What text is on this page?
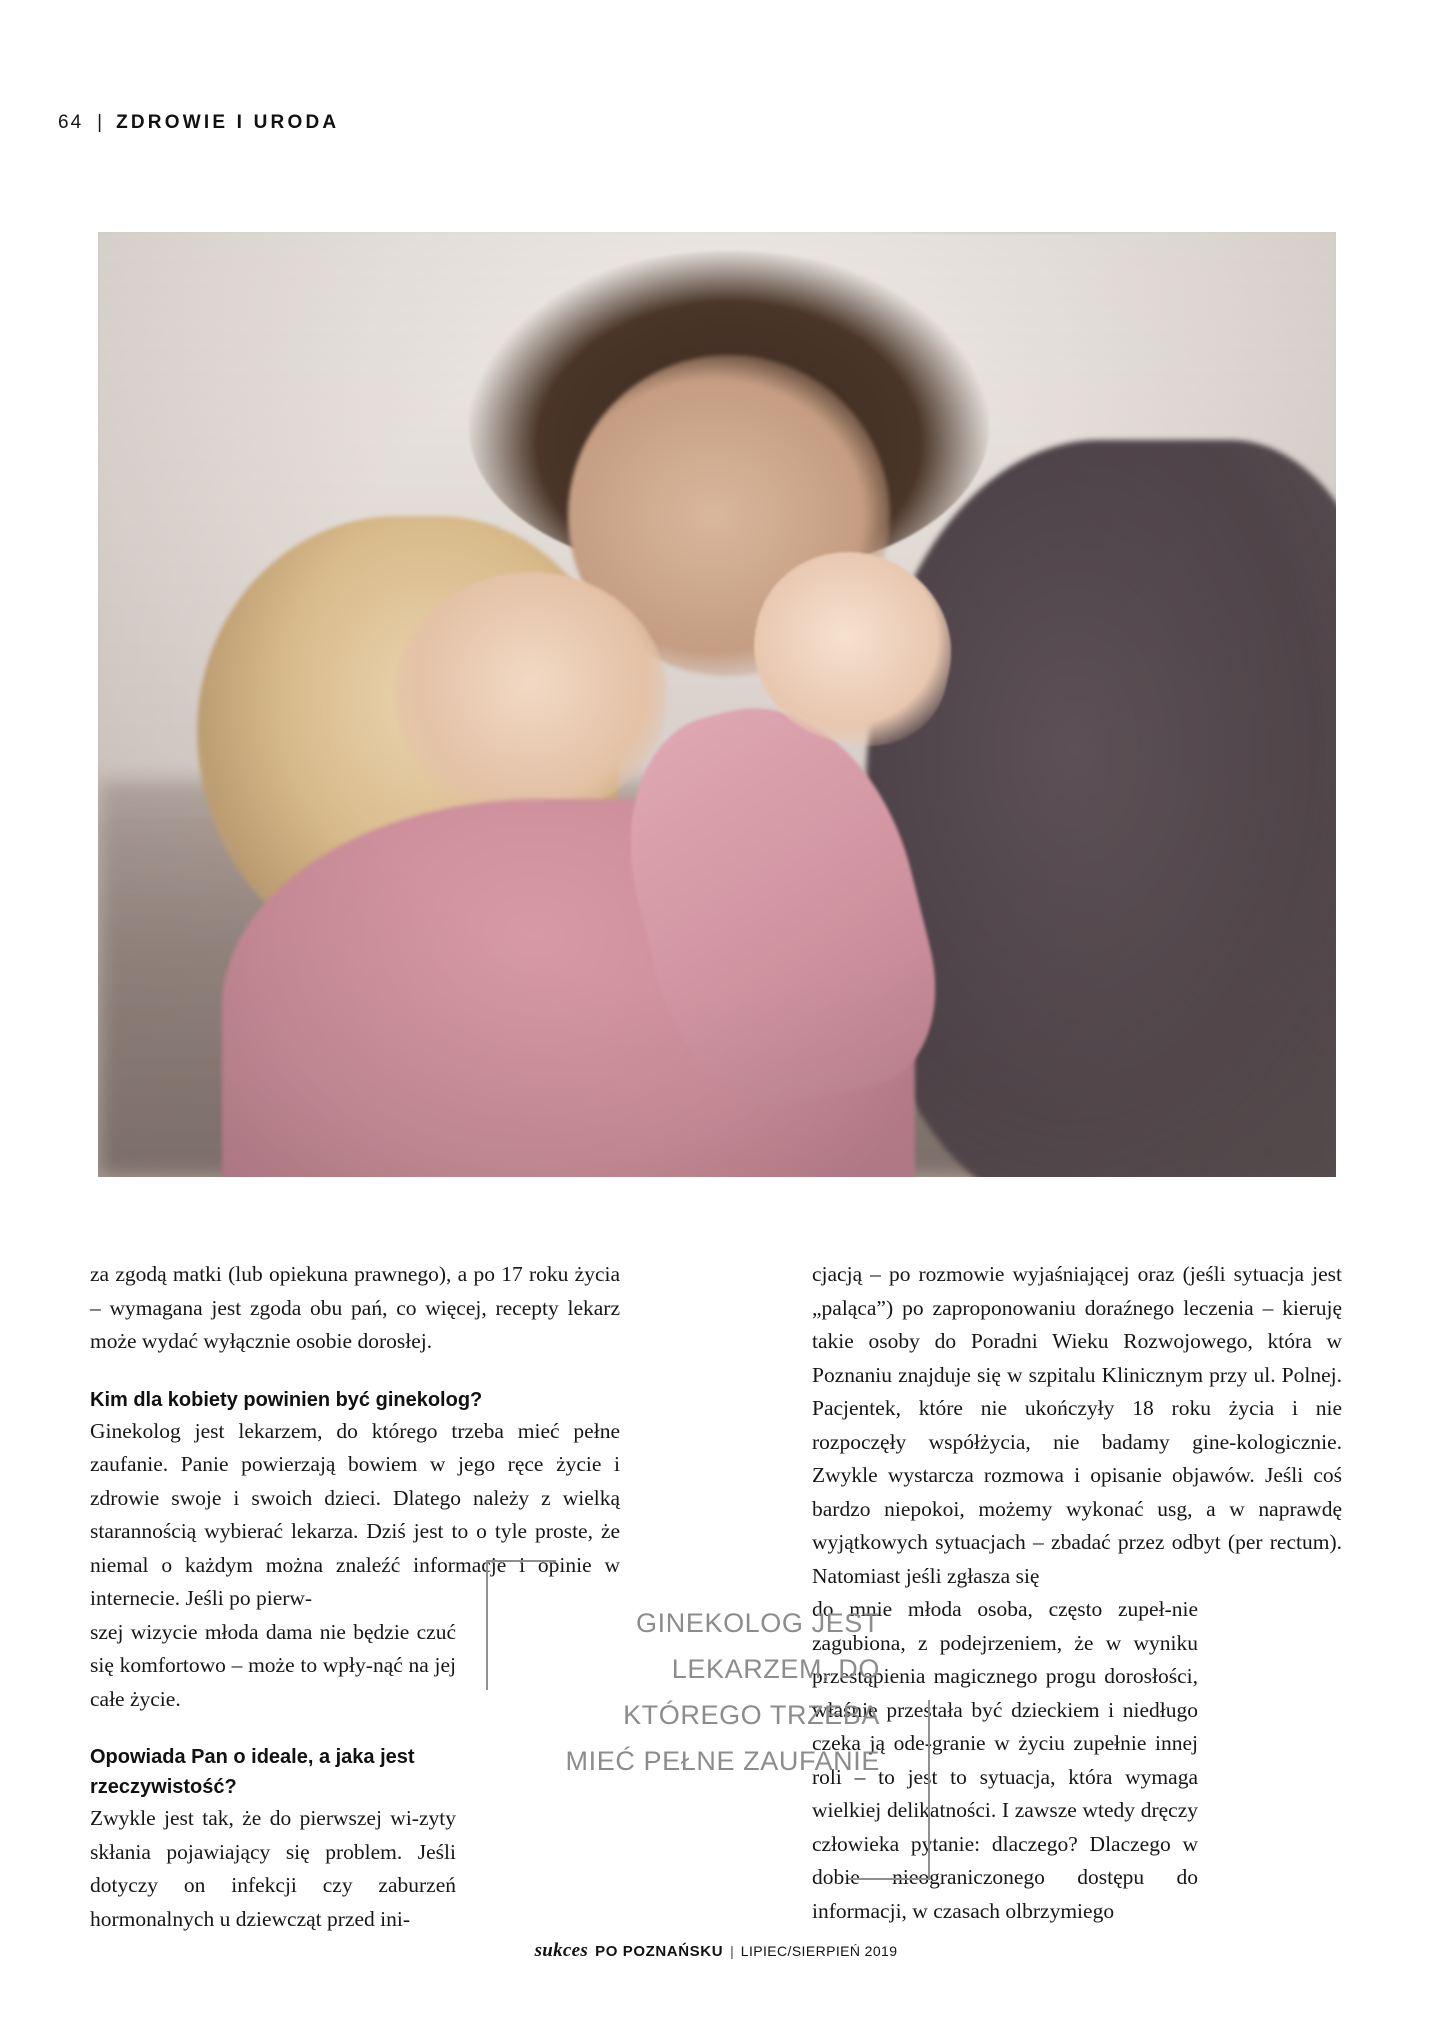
64 | ZDROWIE I URODA

za zgodą matki (lub opiekuna prawnego), a po 17 roku życia – wymagana jest zgoda obu pań, co więcej, recepty lekarz może wydać wyłącznie osobie dorosłej.

Kim dla kobiety powinien być ginekolog?

Ginekolog jest lekarzem, do którego trzeba mieć pełne zaufanie. Panie powierzają bowiem w jego ręce życie i zdrowie swoje i swoich dzieci. Dlatego należy z wielką starannością wybierać lekarza. Dziś jest to o tyle proste, że niemal o każdym można znaleźć informacje i opinie w internecie. Jeśli po pierw-

szej wizycie młoda dama nie będzie czuć się komfortowo – może to wpły-nąć na jej całe życie.

Opowiada Pan o ideale, a jaka jest rzeczywistość?

Zwykle jest tak, że do pierwszej wi-zyty skłania pojawiający się problem. Jeśli dotyczy on infekcji czy zaburzeń hormonalnych u dziewcząt przed ini-

cjacją – po rozmowie wyjaśniającej oraz (jeśli sytuacja jest „paląca”) po zaproponowaniu doraźnego leczenia – kieruję takie osoby do Poradni Wieku Rozwojowego, która w Poznaniu znajduje się w szpitalu Klinicznym przy ul. Polnej. Pacjentek, które nie ukończyły 18 roku życia i nie rozpoczęły współżycia, nie badamy gine-kologicznie. Zwykle wystarcza rozmowa i opisanie objawów. Jeśli coś bardzo niepokoi, możemy wykonać usg, a w naprawdę wyjątkowych sytuacjach – zbadać przez odbyt (per rectum). Natomiast jeśli zgłasza się

do mnie młoda osoba, często zupeł-nie zagubiona, z podejrzeniem, że w wyniku przestąpienia magicznego progu dorosłości, właśnie przestała być dzieckiem i niedługo czeka ją ode-granie w życiu zupełnie innej roli – to jest to sytuacja, która wymaga wielkiej delikatności. I zawsze wtedy dręczy człowieka pytanie: dlaczego? Dlaczego w dobie nieograniczonego dostępu do informacji, w czasach olbrzymiego

GINEKOLOG JEST
LEKARZEM, DO
KTÓREGO TRZEBA
MIEĆ PEŁNE ZAUFANIE
sukces PO POZNAŃSKU | LIPIEC/SIERPIEŃ 2019
